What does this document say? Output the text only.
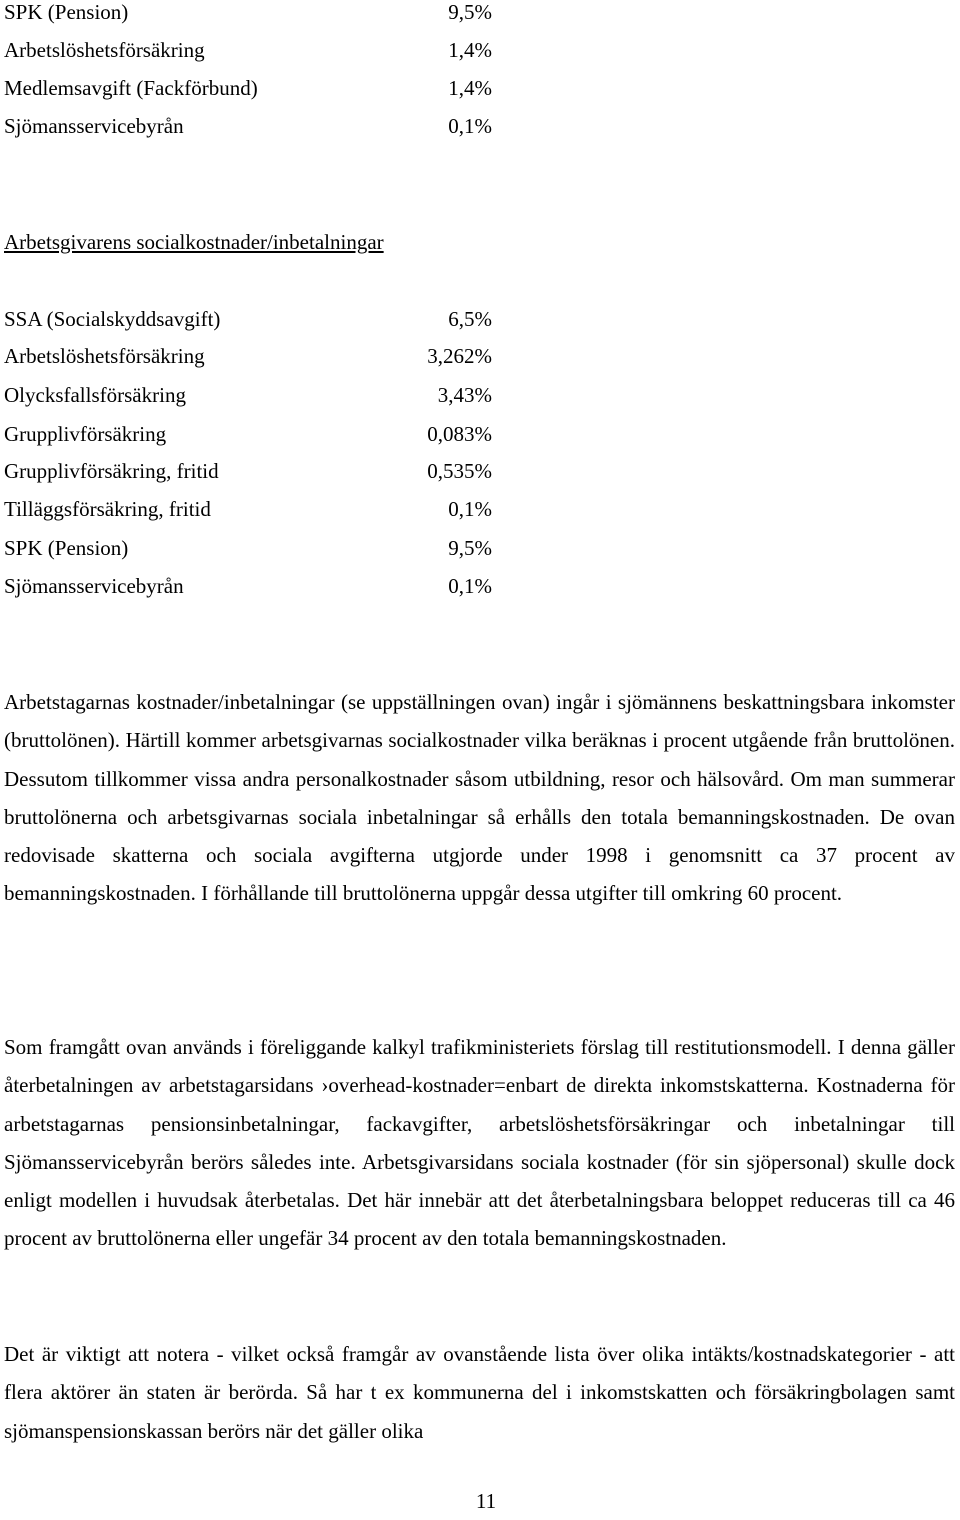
SPK (Pension)	9,5%
Arbetslöshetsförsäkring	1,4%
Medlemsavgift (Fackförbund)	1,4%
Sjömansservicebyrån	0,1%
Arbetsgivarens socialkostnader/inbetalningar
SSA (Socialskyddsavgift)	6,5%
Arbetslöshetsförsäkring	3,262%
Olycksfallsförsäkring	3,43%
Grupplivförsäkring	0,083%
Grupplivförsäkring, fritid	0,535%
Tilläggsförsäkring, fritid	0,1%
SPK (Pension)	9,5%
Sjömansservicebyrån	0,1%

Arbetstagarnas kostnader/inbetalningar (se uppställningen ovan) ingår i sjömännens beskattningsbara inkomster (bruttolönen). Härtill kommer arbetsgivarnas socialkostnader vilka beräknas i procent utgående från bruttolönen. Dessutom tillkommer vissa andra personalkostnader såsom utbildning, resor och hälsovård. Om man summerar bruttolönerna och arbetsgivarnas sociala inbetalningar så erhålls den totala bemanningskostnaden. De ovan redovisade skatterna och sociala avgifterna utgjorde under 1998 i genomsnitt ca 37 procent av bemanningskostnaden. I förhållande till bruttolönerna uppgår dessa utgifter till omkring 60 procent.

Som framgått ovan används i föreliggande kalkyl trafikministeriets förslag till restitutionsmodell. I denna gäller återbetalningen av arbetstagarsidans ›overhead-kostnader=enbart de direkta inkomstskatterna. Kostnaderna för arbetstagarnas pensionsinbetalningar, fackavgifter, arbetslöshetsförsäkringar och inbetalningar till Sjömansservicebyrån berörs således inte. Arbetsgivarsidans sociala kostnader (för sin sjöpersonal) skulle dock enligt modellen i huvudsak återbetalas. Det här innebär att det återbetalningsbara beloppet reduceras till ca 46 procent av bruttolönerna eller ungefär 34 procent av den totala bemanningskostnaden.

Det är viktigt att notera - vilket också framgår av ovanstående lista över olika intäkts/kostnadskategorier - att flera aktörer än staten är berörda. Så har t ex kommunerna del i inkomstskatten och försäkringbolagen samt sjömanspensionskassan berörs när det gäller olika

11
